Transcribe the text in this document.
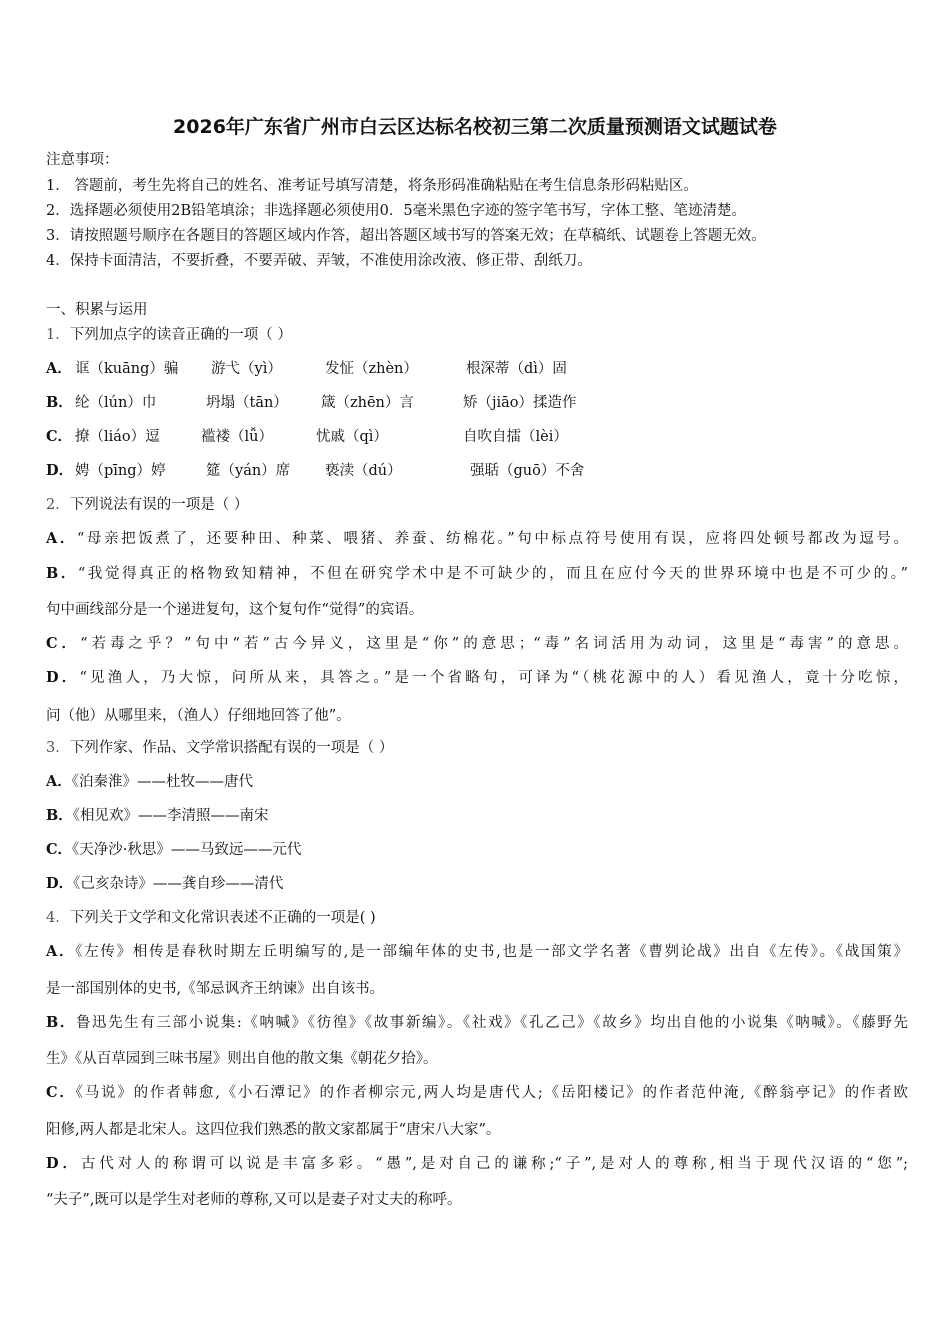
2026年广东省广州市白云区达标名校初三第二次质量预测语文试题试卷
注意事项：
1． 答题前，考生先将自己的姓名、准考证号填写清楚，将条形码准确粘贴在考生信息条形码粘贴区。
2．选择题必须使用2B铅笔填涂；非选择题必须使用0．5毫米黑色字迹的签字笔书写，字体工整、笔迹清楚。
3．请按照题号顺序在各题目的答题区域内作答，超出答题区域书写的答案无效；在草稿纸、试题卷上答题无效。
4．保持卡面清洁，不要折叠，不要弄破、弄皱，不准使用涂改液、修正带、刮纸刀。
一、积累与运用
1．下列加点字的读音正确的一项（ ）
A． 诓（kuāng）骗 游弋（yì）	发怔（zhèn）	根深蒂（dì）固
B． 纶（lún）巾	坍塌（tān） 箴（zhēn）言	矫（jiāo）揉造作
C． 撩（liáo）逗	褴褛（lǚ）	忧戚（qì）	自吹自擂（lèi）
D． 娉（pīng）婷	筵（yán）席 亵渎（dú）	强聒（guō）不舍
2．下列说法有误的一项是（ ）
A．“母亲把饭煮了，还要种田、种菜、喂猪、养蚕、纺棉花。”句中标点符号使用有误，应将四处顿号都改为逗号。
B．“我觉得真正的格物致知精神，不但在研究学术中是不可缺少的，而且在应付今天的世界环境中也是不可少的。”
句中画线部分是一个递进复句，这个复句作“觉得”的宾语。
C．“若毒之乎？”句中“若”古今异义，这里是“你”的意思；“毒”名词活用为动词，这里是“毒害”的意思。
D．“见渔人，乃大惊，问所从来，具答之。”是一个省略句，可译为“（桃花源中的人）看见渔人，竟十分吃惊，
问（他）从哪里来，（渔人）仔细地回答了他”。
3．下列作家、作品、文学常识搭配有误的一项是（ ）
A．《泊秦淮》——杜牧——唐代
B．《相见欢》——李清照——南宋
C．《天净沙·秋思》——马致远——元代
D．《己亥杂诗》——龚自珍——清代
4．下列关于文学和文化常识表述不正确的一项是( )
A．《左传》相传是春秋时期左丘明编写的,是一部编年体的史书,也是一部文学名著《曹刿论战》出自《左传》。《战国策》
是一部国别体的史书,《邹忌讽齐王纳谏》出自该书。
B．鲁迅先生有三部小说集:《呐喊》《彷徨》《故事新编》。《社戏》《孔乙己》《故乡》均出自他的小说集《呐喊》。《藤野先
生》《从百草园到三味书屋》则出自他的散文集《朝花夕拾》。
C．《马说》的作者韩愈,《小石潭记》的作者柳宗元,两人均是唐代人;《岳阳楼记》的作者范仲淹,《醉翁亭记》的作者欧
阳修,两人都是北宋人。这四位我们熟悉的散文家都属于“唐宋八大家”。
D．古代对人的称谓可以说是丰富多彩。“愚”,是对自己的谦称;“子”,是对人的尊称,相当于现代汉语的“您”;
“夫子”,既可以是学生对老师的尊称,又可以是妻子对丈夫的称呼。
